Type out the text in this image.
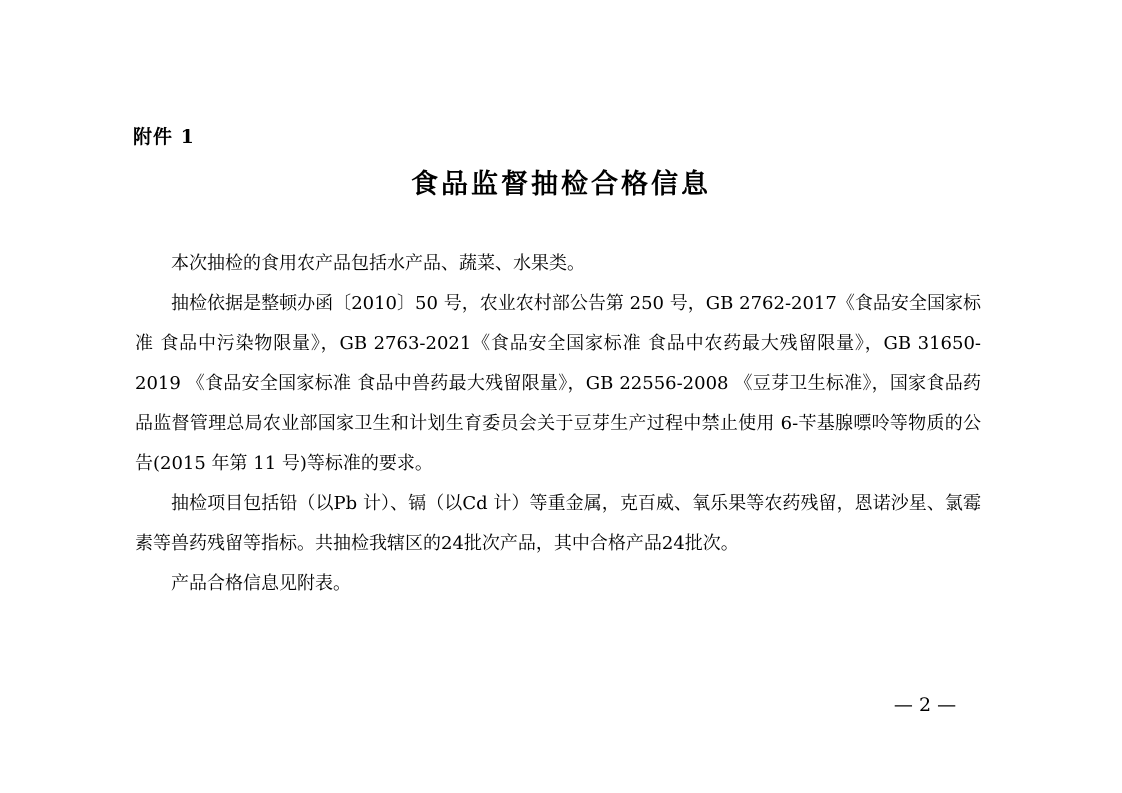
附件 1
食品监督抽检合格信息

本次抽检的食用农产品包括水产品、蔬菜、水果类。

抽检依据是整顿办函〔2010〕50 号，农业农村部公告第 250 号，GB 2762-2017《食品安全国家标准 食品中污染物限量》，GB 2763-2021《食品安全国家标准 食品中农药最大残留限量》，GB 31650-2019 《食品安全国家标准 食品中兽药最大残留限量》，GB 22556-2008 《豆芽卫生标准》，国家食品药品监督管理总局农业部国家卫生和计划生育委员会关于豆芽生产过程中禁止使用 6-苄基腺嘌呤等物质的公告(2015 年第 11 号)等标准的要求。

抽检项目包括铅（以Pb 计）、镉（以Cd 计）等重金属，克百威、氧乐果等农药残留，恩诺沙星、氯霉素等兽药残留等指标。共抽检我辖区的24批次产品，其中合格产品24批次。

产品合格信息见附表。

— 2 —
